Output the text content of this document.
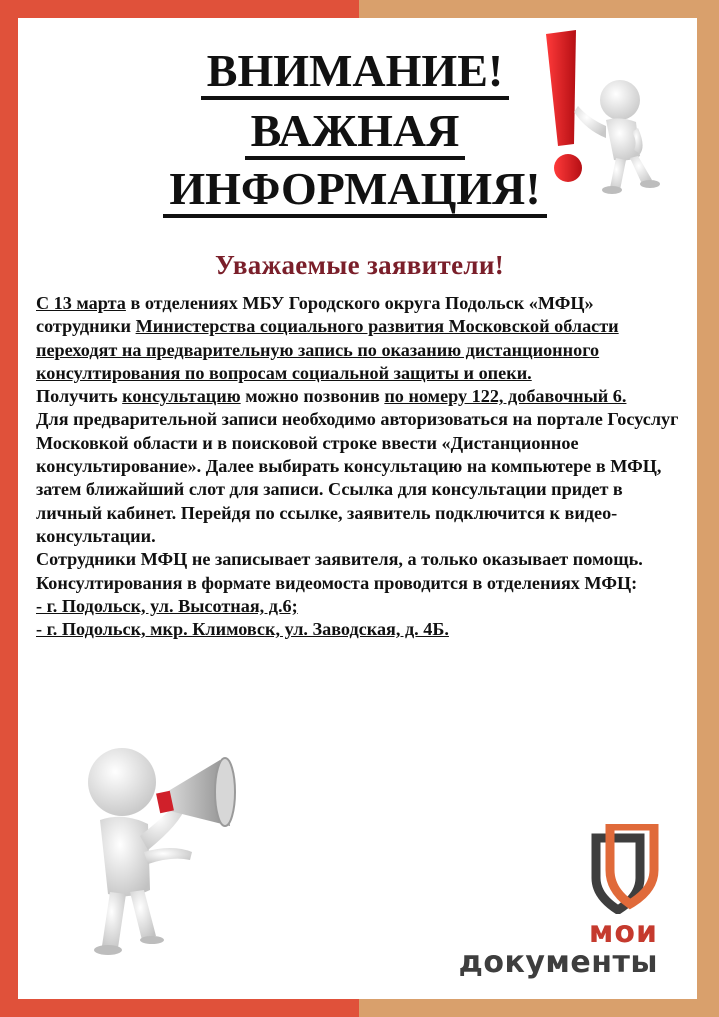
ВНИМАНИЕ!
ВАЖНАЯ
ИНФОРМАЦИЯ!
Уважаемые заявители!

С 13 марта в отделениях МБУ Городского округа Подольск «МФЦ» сотрудники Министерства социального развития Московской области переходят на предварительную запись по оказанию дистанционного консултирования по вопросам социальной защиты и опеки.

Получить консультацию можно позвонив по номеру 122, добавочный 6.

Для предварительной записи необходимо авторизоваться на портале Госуслуг Московкой области и в поисковой строке ввести «Дистанционное консультирование». Далее выбирать консультацию на компьютере в МФЦ, затем ближайший слот для записи. Ссылка для консультации придет в личный кабинет. Перейдя по ссылке, заявитель подключится к видео-консультации.

Сотрудники МФЦ не записывает заявителя, а только оказывает помощь.

Консултирования в формате видеомоста проводится в отделениях МФЦ:

- г. Подольск, ул. Высотная, д.6;

- г. Подольск, мкр. Климовск, ул. Заводская, д. 4Б.

мои
документы
